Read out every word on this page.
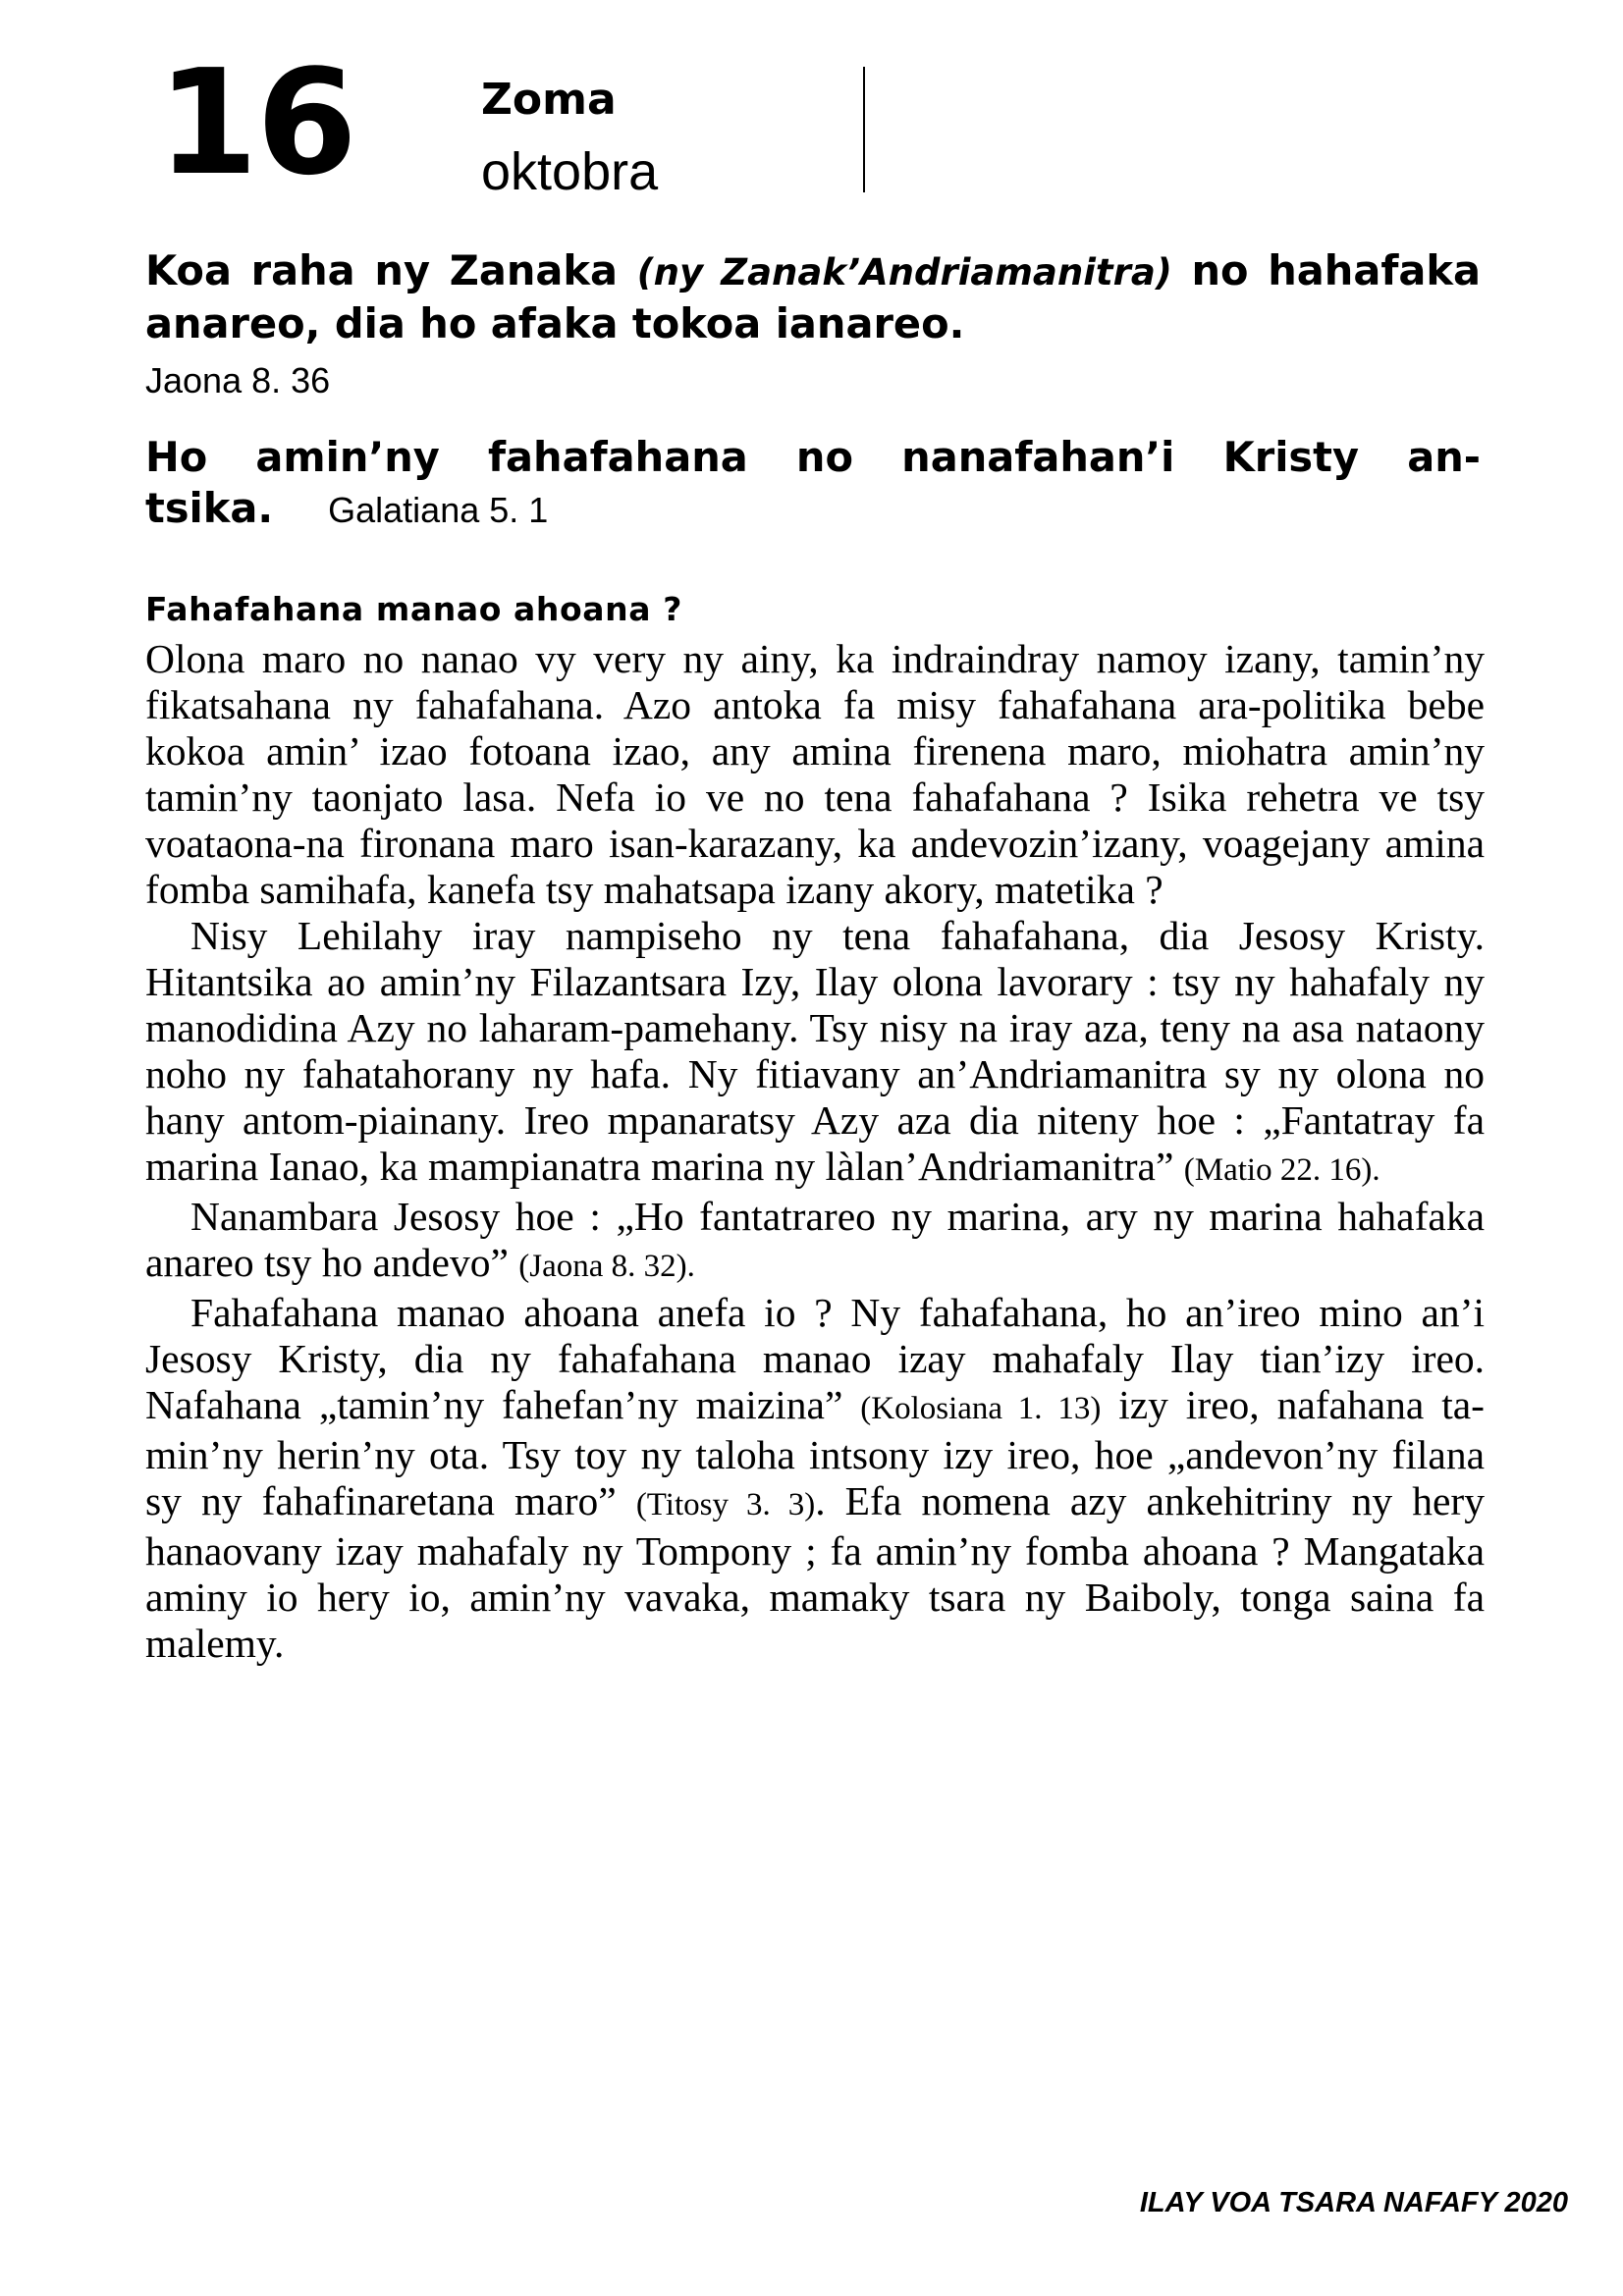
16	Zoma
oktobra
Koa raha ny Zanaka (ny Zanak’Andriamanitra) no hahafaka anareo, dia ho afaka tokoa ianareo.
Jaona 8. 36
Ho amin’ny fahafahana no nanafahan’i Kristy antsika. Galatiana 5. 1
Fahafahana manao ahoana ?

Olona maro no nanao vy very ny ainy, ka indraindray namoy izany, tamin’ny fikatsahana ny fahafahana. Azo antoka fa misy fahafahana ara-politika bebe kokoa amin’ izao fotoana izao, any amina firenena maro, miohatra amin’ny tamin’ny taonjato lasa. Nefa io ve no tena fahafahana ? Isika rehetra ve tsy voataona-na fironana maro isan-karazany, ka andevozin’izany, voagejany amina fomba samihafa, kanefa tsy mahatsapa izany akory, matetika ?

Nisy Lehilahy iray nampiseho ny tena fahafahana, dia Jesosy Kristy. Hitantsika ao amin’ny Filazantsara Izy, Ilay olona lavorary : tsy ny hahafaly ny manodidina Azy no laharam-pamehany. Tsy nisy na iray aza, teny na asa nataony noho ny fahatahorany ny hafa. Ny fitiavany an’Andriamanitra sy ny olona no hany antom-piainany. Ireo mpanaratsy Azy aza dia niteny hoe : „Fantatray fa marina Ianao, ka mampianatra marina ny làlan’Andriamanitra” (Matio 22. 16).

Nanambara Jesosy hoe : „Ho fantatrareo ny marina, ary ny marina hahafaka anareo tsy ho andevo” (Jaona 8. 32).

Fahafahana manao ahoana anefa io ? Ny fahafahana, ho an’ireo mino an’i Jesosy Kristy, dia ny fahafahana manao izay mahafaly Ilay tian’izy ireo. Nafahana „tamin’ny fahefan’ny maizina” (Kolosiana 1. 13) izy ireo, nafahana tamin’ny herin’ny ota. Tsy toy ny taloha intsony izy ireo, hoe „andevon’ny filana sy ny fahafinaretana maro” (Titosy 3. 3). Efa nomena azy ankehitriny ny hery hanaovany izay mahafaly ny Tompony ; fa amin’ny fomba ahoana ? Mangataka aminy io hery io, amin’ny vavaka, mamaky tsara ny Baiboly, tonga saina fa malemy.

ILAY VOA TSARA NAFAFY 2020
